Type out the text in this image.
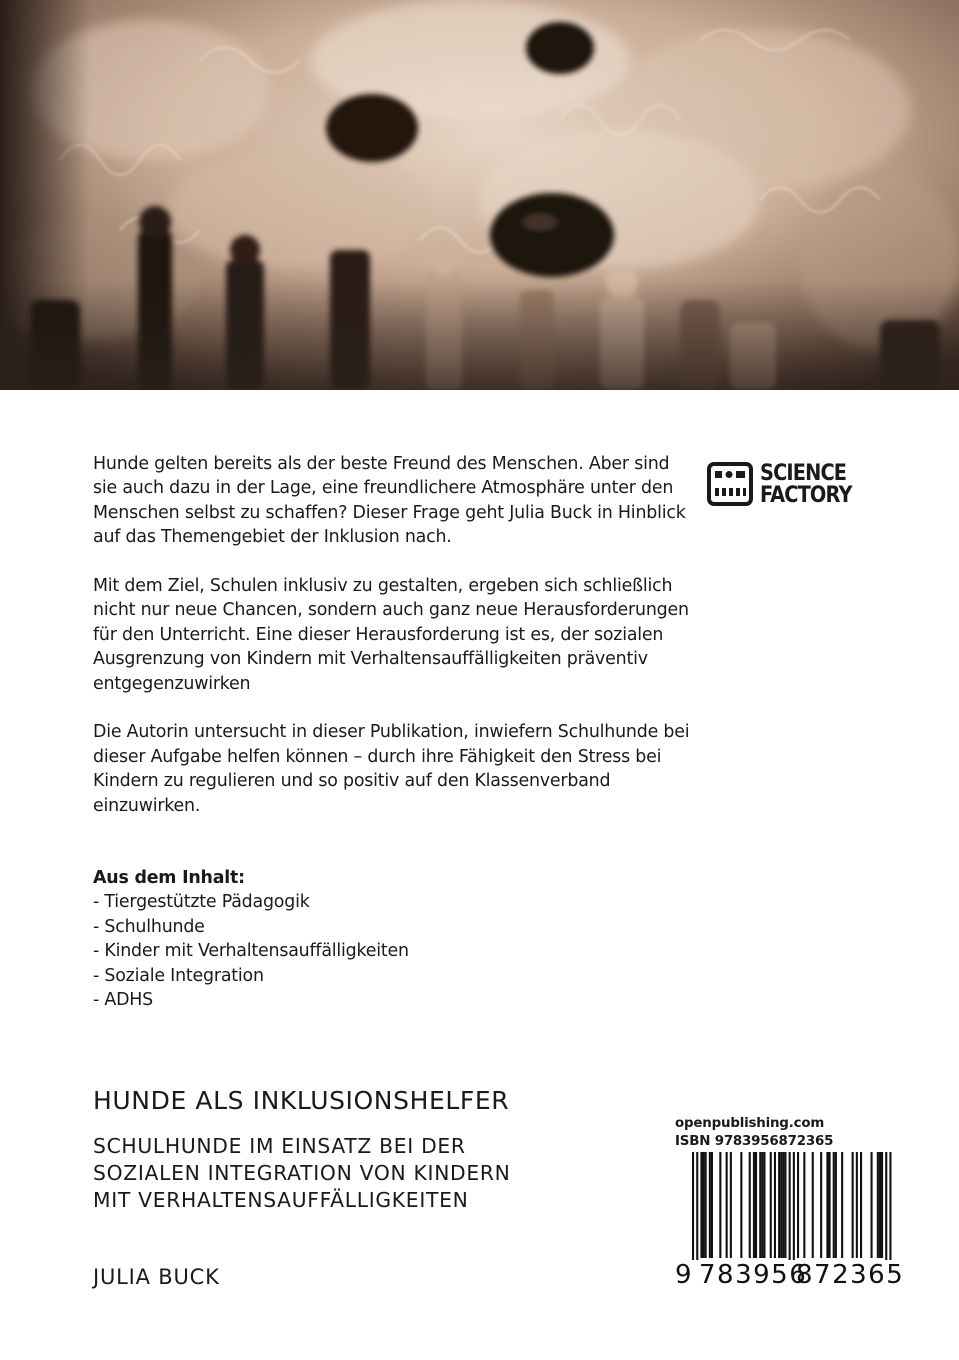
Hunde gelten bereits als der beste Freund des Menschen. Aber sind sie auch dazu in der Lage, eine freundlichere Atmosphäre unter den Menschen selbst zu schaffen? Dieser Frage geht Julia Buck in Hinblick auf das Themengebiet der Inklusion nach.

Mit dem Ziel, Schulen inklusiv zu gestalten, ergeben sich schließlich nicht nur neue Chancen, sondern auch ganz neue Herausforderungen für den Unterricht. Eine dieser Herausforderung ist es, der sozialen Ausgrenzung von Kindern mit Verhaltensauffälligkeiten präventiv entgegenzuwirken

Die Autorin untersucht in dieser Publikation, inwiefern Schulhunde bei dieser Aufgabe helfen können – durch ihre Fähigkeit den Stress bei Kindern zu regulieren und so positiv auf den Klassenverband einzuwirken.

Aus dem Inhalt:
- Tiergestützte Pädagogik
- Schulhunde
- Kinder mit Verhaltensauffälligkeiten
- Soziale Integration
- ADHS
SCIENCE
FACTORY
HUNDE ALS INKLUSIONSHELFER
SCHULHUNDE IM EINSATZ BEI DER
SOZIALEN INTEGRATION VON KINDERN
MIT VERHALTENSAUFFÄLLIGKEITEN
JULIA BUCK
openpublishing.com
ISBN 9783956872365
9 783956
872365
